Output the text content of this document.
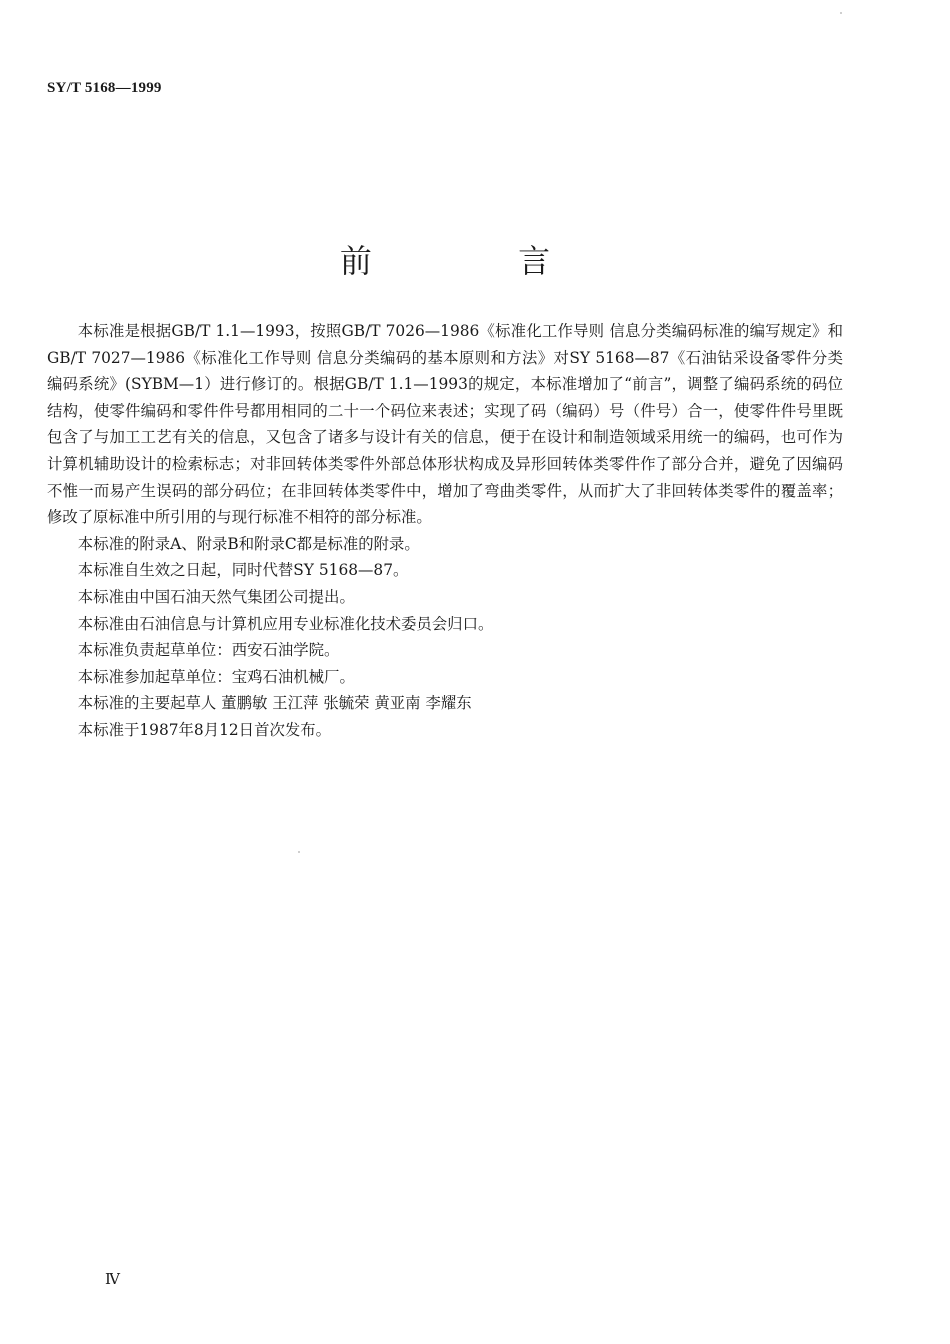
SY/T 5168—1999
前 言

本标准是根据GB/T 1.1—1993，按照GB/T 7026—1986《标准化工作导则 信息分类编码标准的编写规定》和GB/T 7027—1986《标准化工作导则 信息分类编码的基本原则和方法》对SY 5168—87《石油钻采设备零件分类编码系统》(SYBM—1）进行修订的。根据GB/T 1.1—1993的规定，本标准增加了“前言”，调整了编码系统的码位结构，使零件编码和零件件号都用相同的二十一个码位来表述；实现了码（编码）号（件号）合一，使零件件号里既包含了与加工工艺有关的信息，又包含了诸多与设计有关的信息，便于在设计和制造领域采用统一的编码，也可作为计算机辅助设计的检索标志；对非回转体类零件外部总体形状构成及异形回转体类零件作了部分合并，避免了因编码不惟一而易产生误码的部分码位；在非回转体类零件中，增加了弯曲类零件，从而扩大了非回转体类零件的覆盖率；修改了原标准中所引用的与现行标准不相符的部分标准。

本标准的附录A、附录B和附录C都是标准的附录。

本标准自生效之日起，同时代替SY 5168—87。

本标准由中国石油天然气集团公司提出。

本标准由石油信息与计算机应用专业标准化技术委员会归口。

本标准负责起草单位：西安石油学院。

本标准参加起草单位：宝鸡石油机械厂。

本标准的主要起草人 董鹏敏 王江萍 张毓荣 黄亚南 李耀东

本标准于1987年8月12日首次发布。

Ⅳ
